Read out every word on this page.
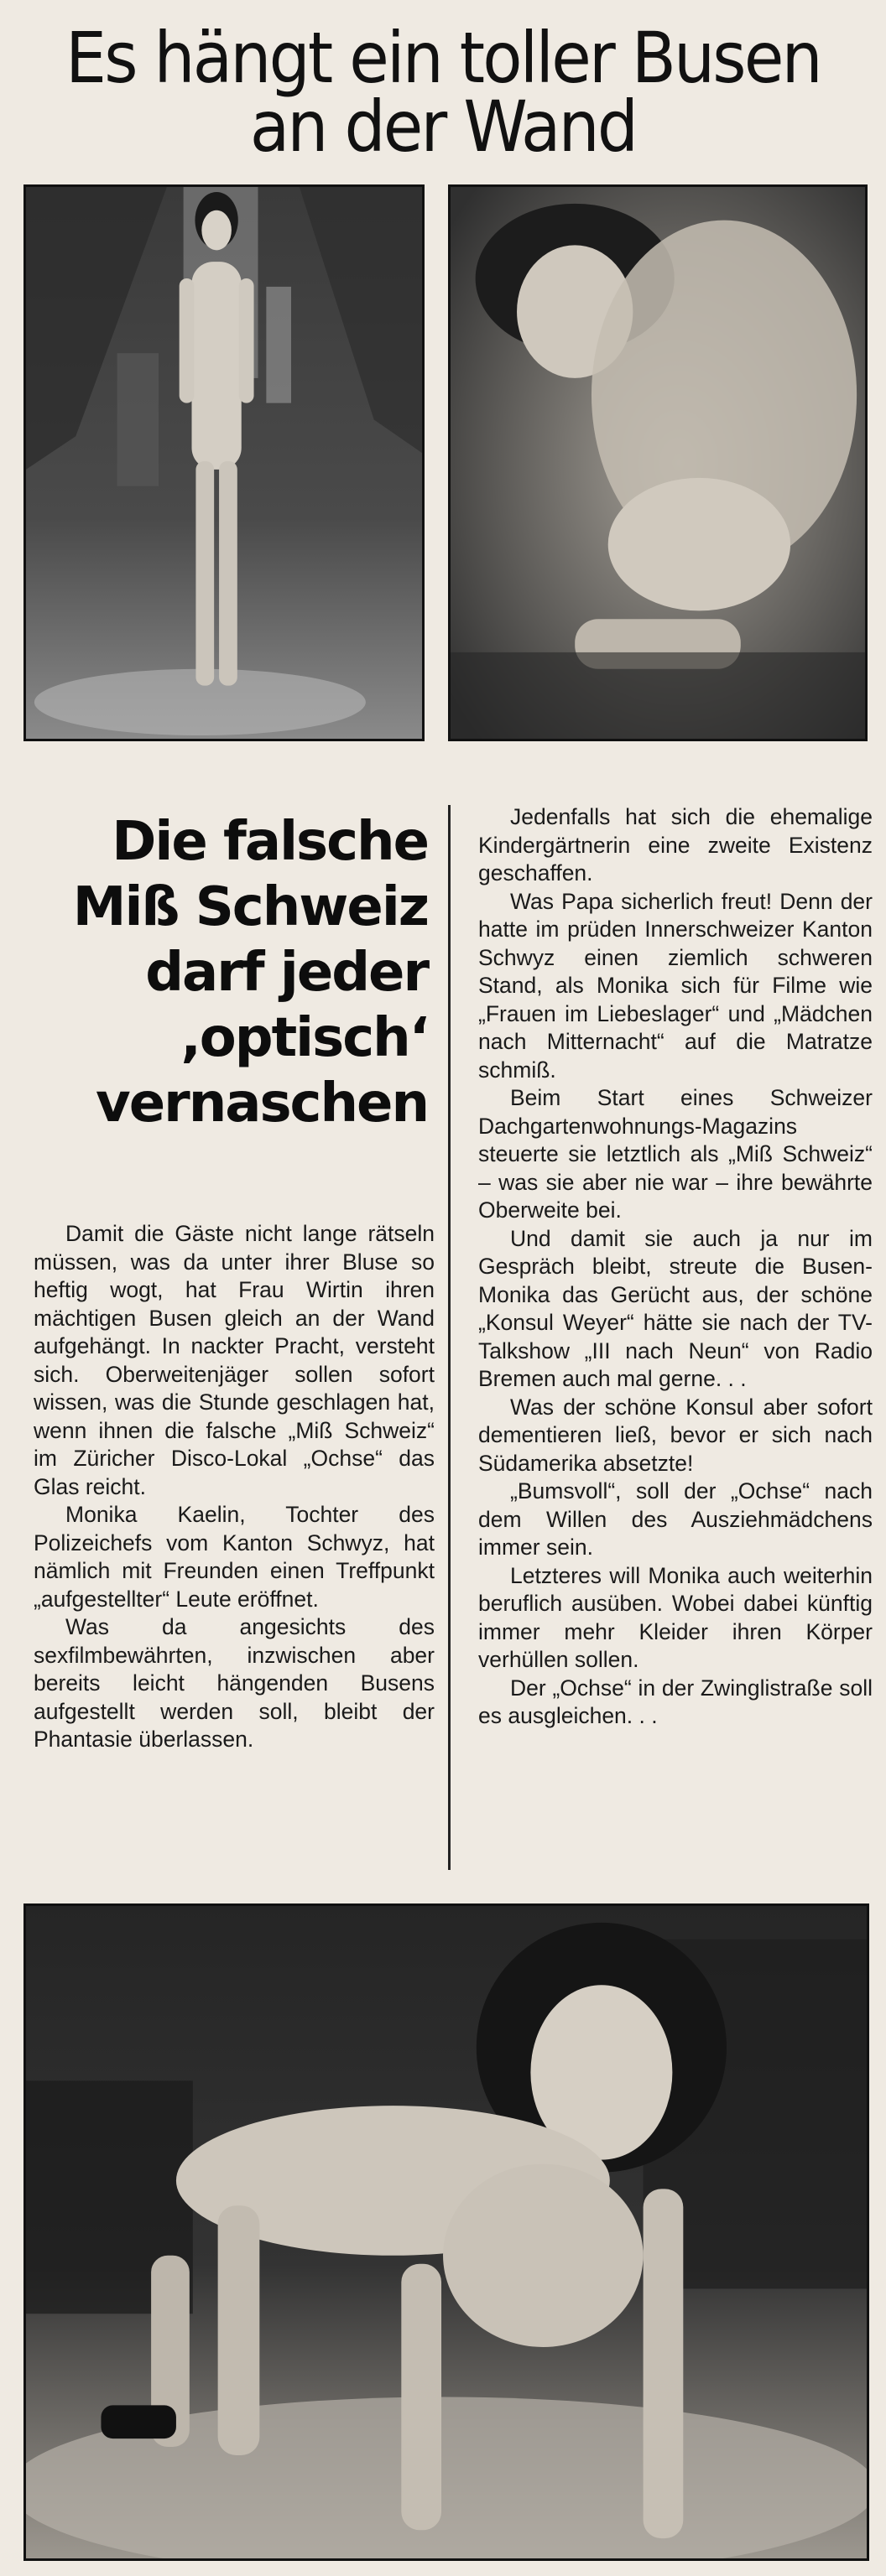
Es hängt ein toller Busen
an der Wand
Die falsche
Miß Schweiz
darf jeder
,optisch‘
vernaschen

Damit die Gäste nicht lange rätseln müssen, was da unter ihrer Bluse so heftig wogt, hat Frau Wirtin ihren mächtigen Busen gleich an der Wand aufgehängt. In nackter Pracht, versteht sich. Oberweitenjäger sollen sofort wissen, was die Stunde geschlagen hat, wenn ihnen die falsche „Miß Schweiz“ im Züricher Disco-Lokal „Ochse“ das Glas reicht.

Monika Kaelin, Tochter des Polizeichefs vom Kanton Schwyz, hat nämlich mit Freunden einen Treffpunkt „aufgestellter“ Leute eröffnet.

Was da angesichts des sexfilmbewährten, inzwischen aber bereits leicht hängenden Busens aufgestellt werden soll, bleibt der Phantasie überlassen.

Jedenfalls hat sich die ehemalige Kindergärtnerin eine zweite Existenz geschaffen.

Was Papa sicherlich freut! Denn der hatte im prüden Innerschweizer Kanton Schwyz einen ziemlich schweren Stand, als Monika sich für Filme wie „Frauen im Liebeslager“ und „Mädchen nach Mitternacht“ auf die Matratze schmiß.

Beim Start eines Schweizer Dachgartenwohnungs-Magazins steuerte sie letztlich als „Miß Schweiz“ – was sie aber nie war – ihre bewährte Oberweite bei.

Und damit sie auch ja nur im Gespräch bleibt, streute die Busen-Monika das Gerücht aus, der schöne „Konsul Weyer“ hätte sie nach der TV-Talkshow „III nach Neun“ von Radio Bremen auch mal gerne. . .

Was der schöne Konsul aber sofort dementieren ließ, bevor er sich nach Südamerika absetzte!

„Bumsvoll“, soll der „Ochse“ nach dem Willen des Ausziehmädchens immer sein.

Letzteres will Monika auch weiterhin beruflich ausüben. Wobei dabei künftig immer mehr Kleider ihren Körper verhüllen sollen.

Der „Ochse“ in der Zwinglistraße soll es ausgleichen. . .
